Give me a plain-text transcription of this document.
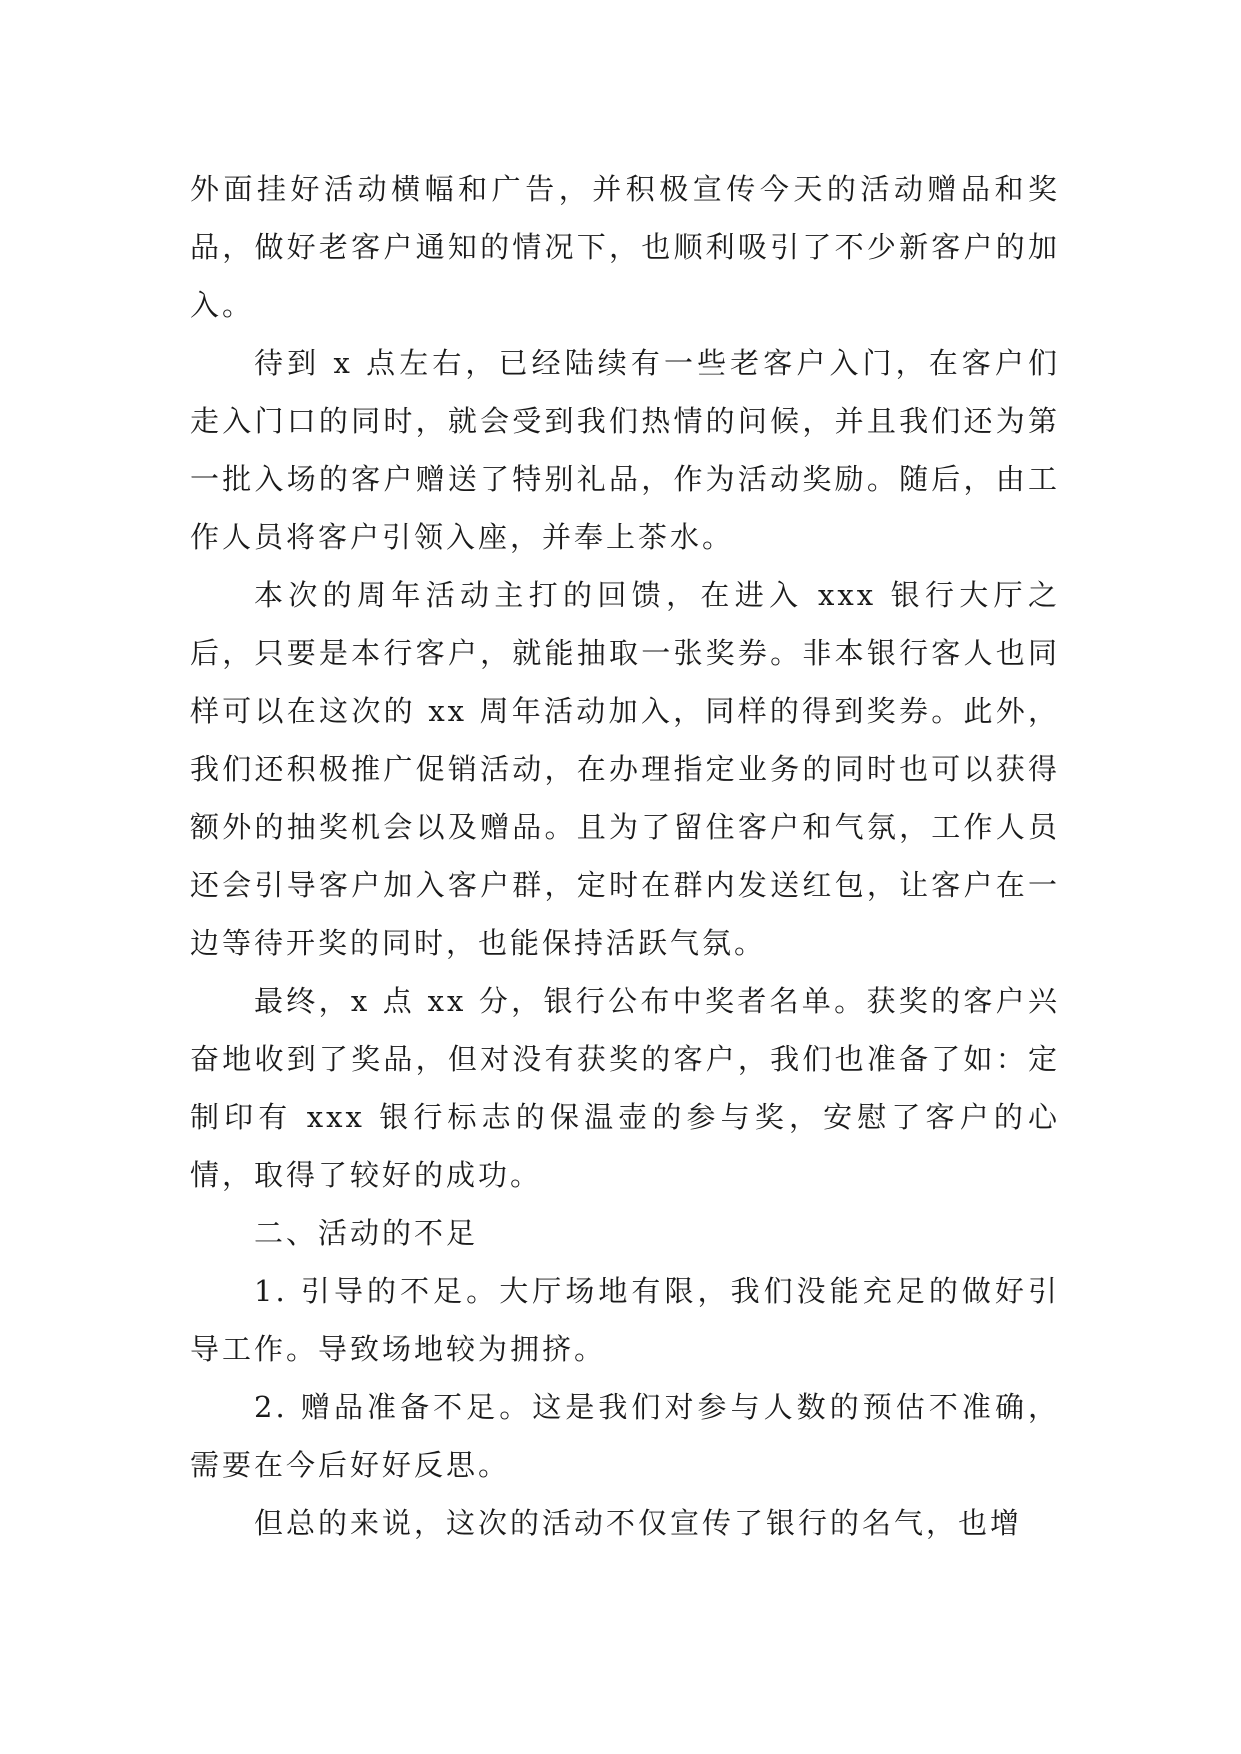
外面挂好活动横幅和广告，并积极宣传今天的活动赠品和奖品，做好老客户通知的情况下，也顺利吸引了不少新客户的加入。

待到 x 点左右，已经陆续有一些老客户入门，在客户们走入门口的同时，就会受到我们热情的问候，并且我们还为第一批入场的客户赠送了特别礼品，作为活动奖励。随后，由工作人员将客户引领入座，并奉上茶水。

本次的周年活动主打的回馈，在进入 xxx 银行大厅之后，只要是本行客户，就能抽取一张奖券。非本银行客人也同样可以在这次的 xx 周年活动加入，同样的得到奖券。此外，我们还积极推广促销活动，在办理指定业务的同时也可以获得额外的抽奖机会以及赠品。且为了留住客户和气氛，工作人员还会引导客户加入客户群，定时在群内发送红包，让客户在一边等待开奖的同时，也能保持活跃气氛。

最终，x 点 xx 分，银行公布中奖者名单。获奖的客户兴奋地收到了奖品，但对没有获奖的客户，我们也准备了如：定制印有 xxx 银行标志的保温壶的参与奖，安慰了客户的心情，取得了较好的成功。

二、活动的不足

1. 引导的不足。大厅场地有限，我们没能充足的做好引导工作。导致场地较为拥挤。

2. 赠品准备不足。这是我们对参与人数的预估不准确，需要在今后好好反思。

但总的来说，这次的活动不仅宣传了银行的名气，也增
